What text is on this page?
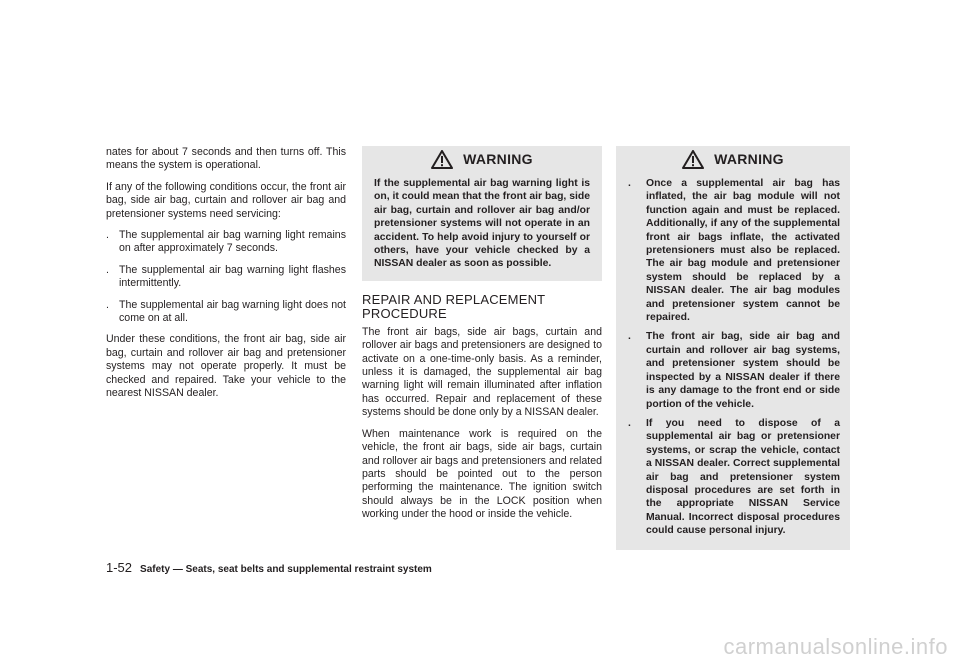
nates for about 7 seconds and then turns off. This means the system is operational.

If any of the following conditions occur, the front air bag, side air bag, curtain and rollover air bag and pretensioner systems need servicing:

. The supplemental air bag warning light remains on after approximately 7 seconds.
. The supplemental air bag warning light flashes intermittently.
. The supplemental air bag warning light does not come on at all.

Under these conditions, the front air bag, side air bag, curtain and rollover air bag and pretensioner systems may not operate properly. It must be checked and repaired. Take your vehicle to the nearest NISSAN dealer.

WARNING
If the supplemental air bag warning light is on, it could mean that the front air bag, side air bag, curtain and rollover air bag and/or pretensioner systems will not operate in an accident. To help avoid injury to yourself or others, have your vehicle checked by a NISSAN dealer as soon as possible.
REPAIR AND REPLACEMENT PROCEDURE

The front air bags, side air bags, curtain and rollover air bags and pretensioners are designed to activate on a one-time-only basis. As a reminder, unless it is damaged, the supplemental air bag warning light will remain illuminated after inflation has occurred. Repair and replacement of these systems should be done only by a NISSAN dealer.

When maintenance work is required on the vehicle, the front air bags, side air bags, curtain and rollover air bags and pretensioners and related parts should be pointed out to the person performing the maintenance. The ignition switch should always be in the LOCK position when working under the hood or inside the vehicle.

WARNING
. Once a supplemental air bag has inflated, the air bag module will not function again and must be replaced. Additionally, if any of the supplemental front air bags inflate, the activated pretensioners must also be replaced. The air bag module and pretensioner system should be replaced by a NISSAN dealer. The air bag modules and pretensioner system cannot be repaired.
. The front air bag, side air bag and curtain and rollover air bag systems, and pretensioner system should be inspected by a NISSAN dealer if there is any damage to the front end or side portion of the vehicle.
. If you need to dispose of a supplemental air bag or pretensioner systems, or scrap the vehicle, contact a NISSAN dealer. Correct supplemental air bag and pretensioner system disposal procedures are set forth in the appropriate NISSAN Service Manual. Incorrect disposal procedures could cause personal injury.
1-52 Safety — Seats, seat belts and supplemental restraint system
carmanualsonline.info
